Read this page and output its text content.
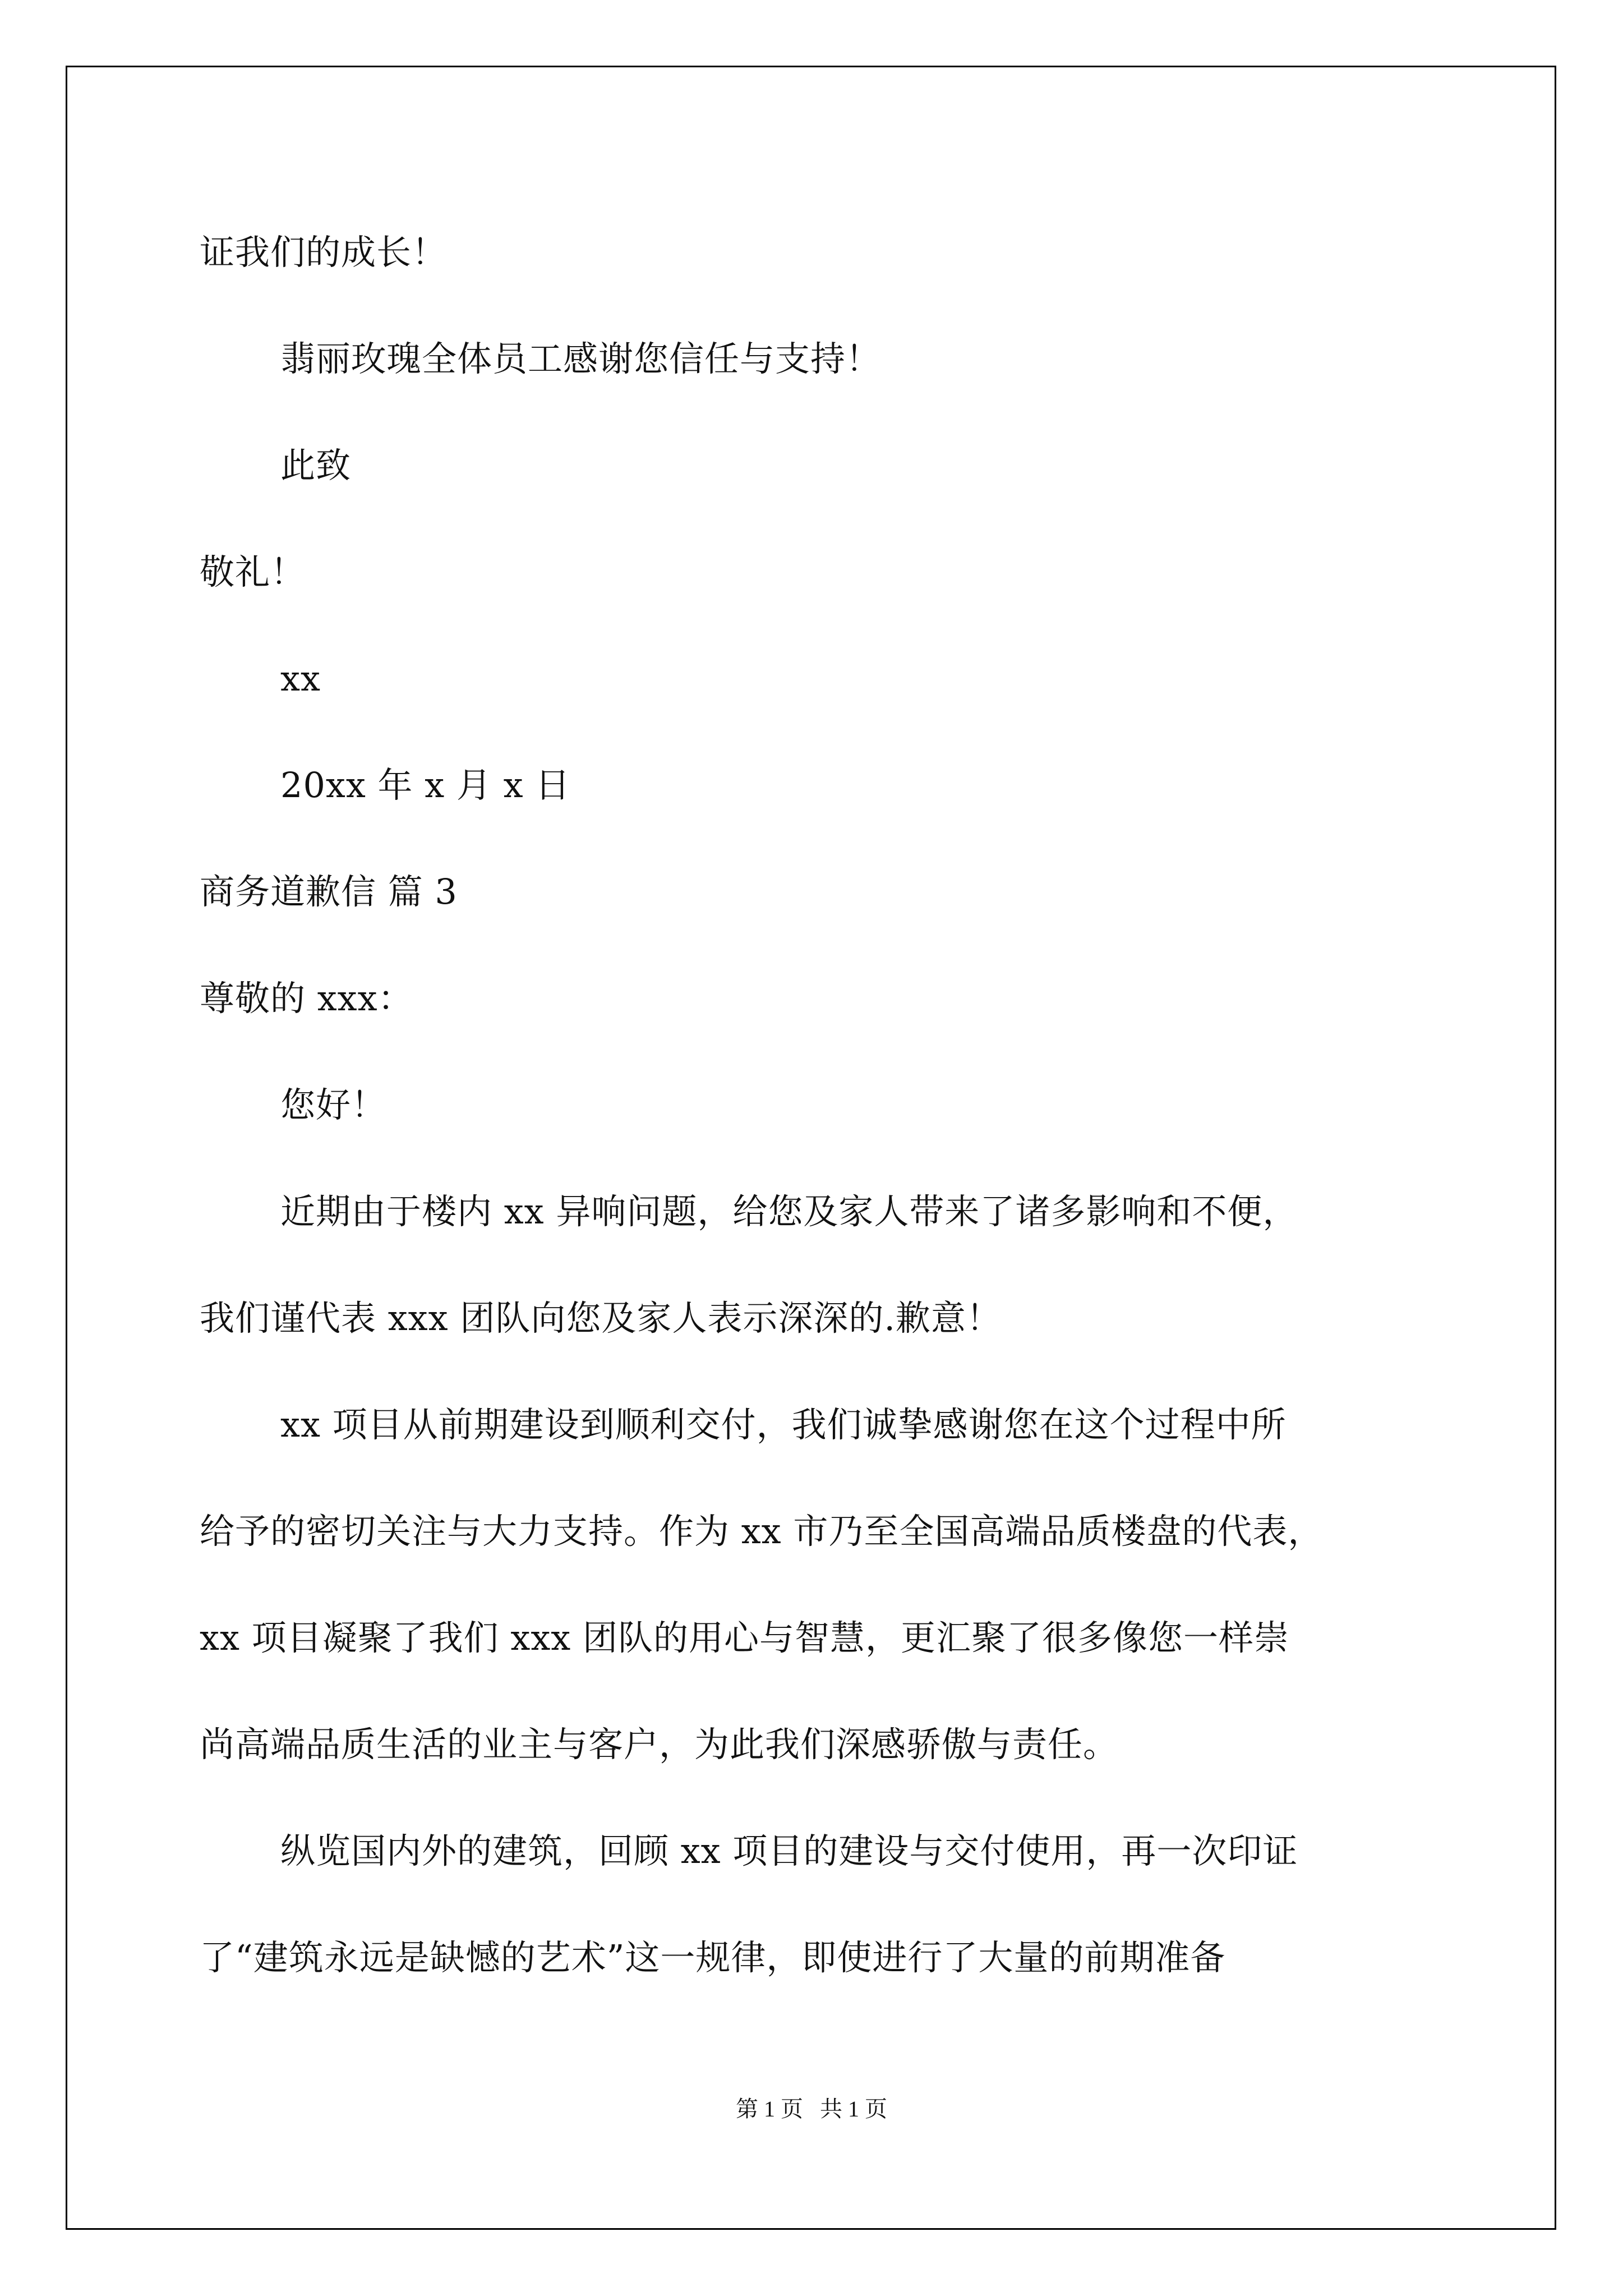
证我们的成长！
翡丽玫瑰全体员工感谢您信任与支持！
此致
敬礼！
xx
20xx 年 x 月 x 日
商务道歉信 篇 3
尊敬的 xxx：
您好！
近期由于楼内 xx 异响问题，给您及家人带来了诸多影响和不便，
我们谨代表 xxx 团队向您及家人表示深深的.歉意！
xx 项目从前期建设到顺利交付，我们诚挚感谢您在这个过程中所
给予的密切关注与大力支持。作为 xx 市乃至全国高端品质楼盘的代表，
xx 项目凝聚了我们 xxx 团队的用心与智慧，更汇聚了很多像您一样崇
尚高端品质生活的业主与客户，为此我们深感骄傲与责任。
纵览国内外的建筑，回顾 xx 项目的建设与交付使用，再一次印证
了“建筑永远是缺憾的艺术”这一规律，即使进行了大量的前期准备
第 1 页   共 1 页
